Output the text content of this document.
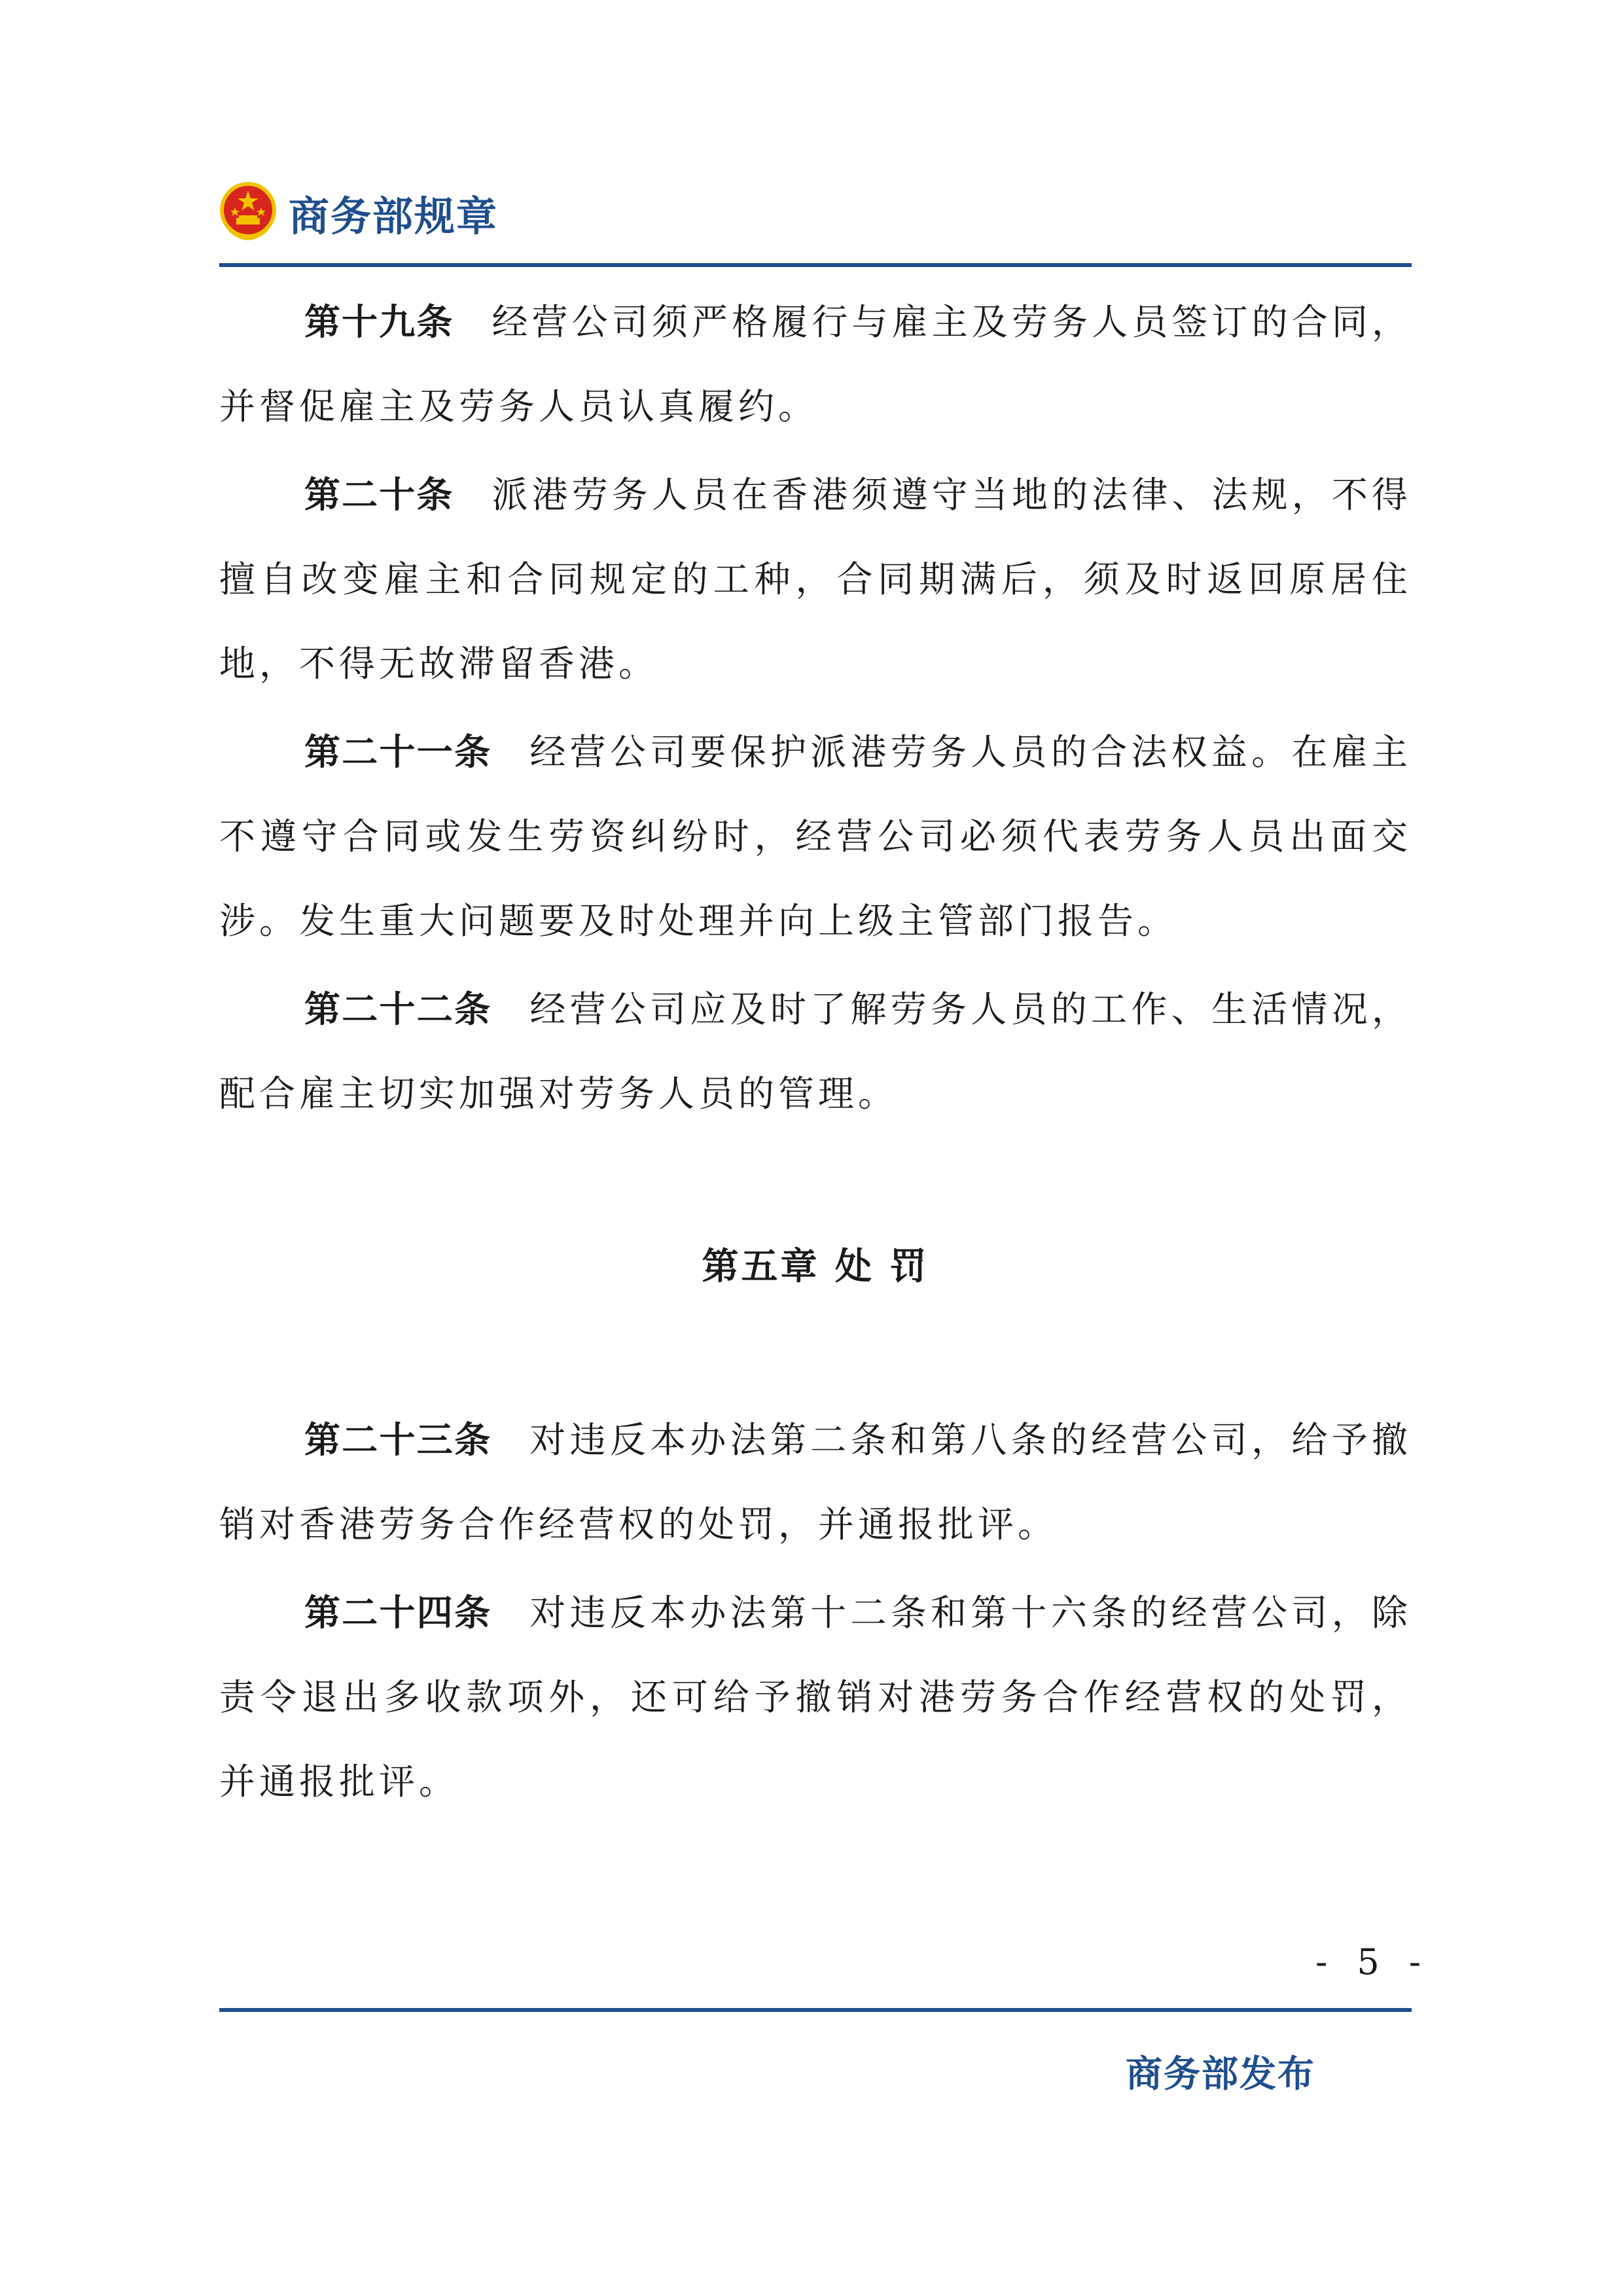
商务部规章

第十九条 经营公司须严格履行与雇主及劳务人员签订的合同，并督促雇主及劳务人员认真履约。

第二十条 派港劳务人员在香港须遵守当地的法律、法规，不得擅自改变雇主和合同规定的工种，合同期满后，须及时返回原居住地，不得无故滞留香港。

第二十一条 经营公司要保护派港劳务人员的合法权益。在雇主不遵守合同或发生劳资纠纷时，经营公司必须代表劳务人员出面交涉。发生重大问题要及时处理并向上级主管部门报告。

第二十二条 经营公司应及时了解劳务人员的工作、生活情况，配合雇主切实加强对劳务人员的管理。

第五章 处 罚

第二十三条 对违反本办法第二条和第八条的经营公司，给予撤销对香港劳务合作经营权的处罚，并通报批评。

第二十四条 对违反本办法第十二条和第十六条的经营公司，除责令退出多收款项外，还可给予撤销对港劳务合作经营权的处罚，并通报批评。

- 5 -
商务部发布
